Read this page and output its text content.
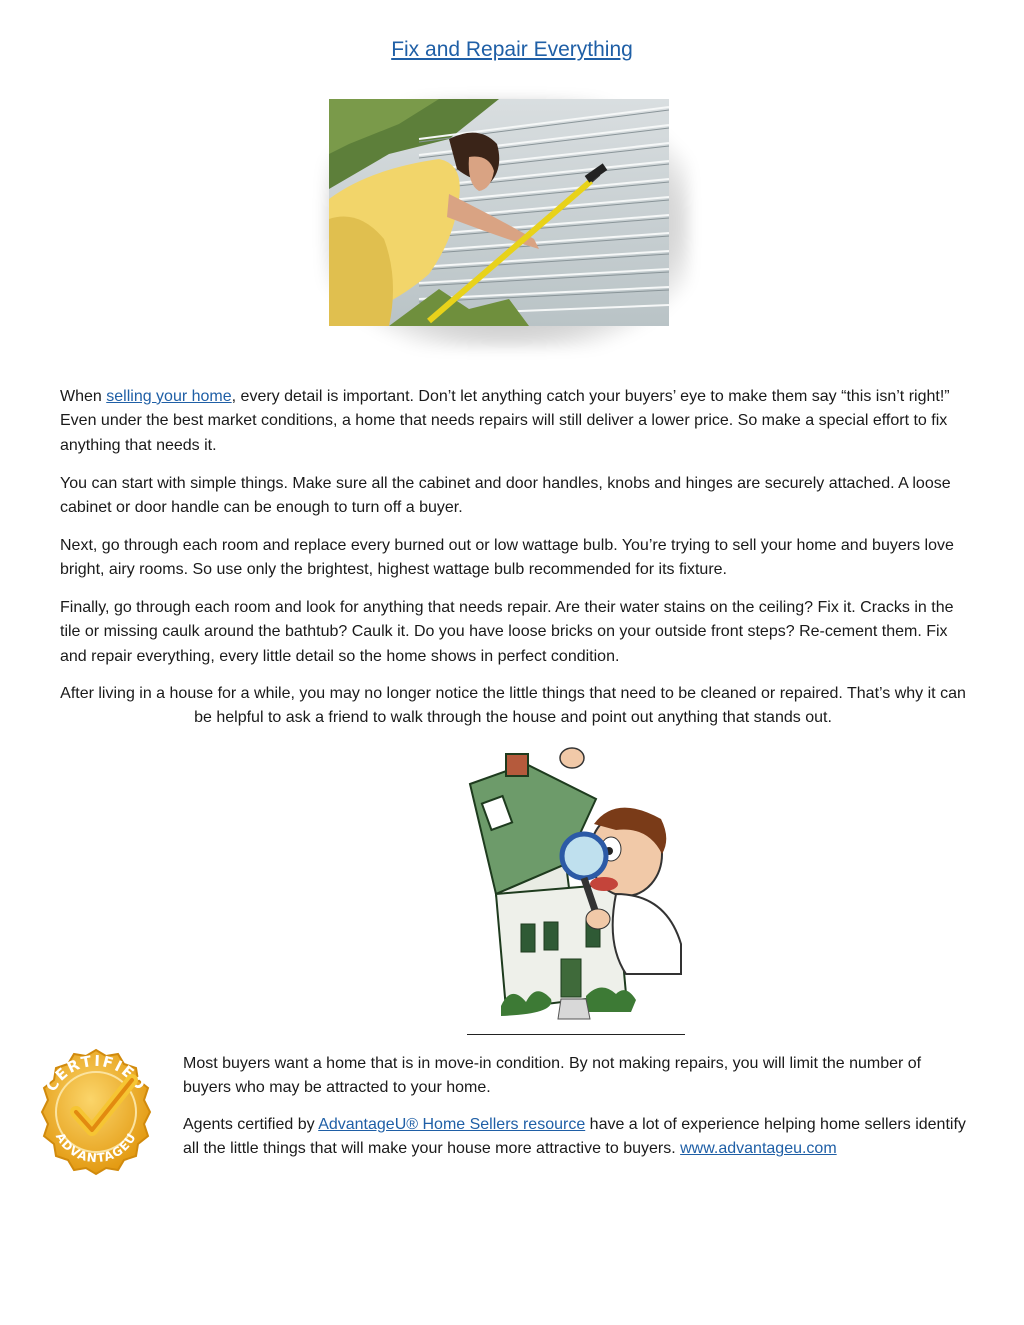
Fix and Repair Everything

When selling your home, every detail is important. Don’t let anything catch your buyers’ eye to make them say “this isn’t right!” Even under the best market conditions, a home that needs repairs will still deliver a lower price. So make a special effort to fix anything that needs it.

You can start with simple things. Make sure all the cabinet and door handles, knobs and hinges are securely attached. A loose cabinet or door handle can be enough to turn off a buyer.

Next, go through each room and replace every burned out or low wattage bulb. You’re trying to sell your home and buyers love bright, airy rooms. So use only the brightest, highest wattage bulb recommended for its fixture.

Finally, go through each room and look for anything that needs repair. Are their water stains on the ceiling? Fix it. Cracks in the tile or missing caulk around the bathtub? Caulk it. Do you have loose bricks on your outside front steps? Re-cement them. Fix and repair everything, every little detail so the home shows in perfect condition.

After living in a house for a while, you may no longer notice the little things that need to be cleaned or repaired. That’s why it can be helpful to ask a friend to walk through the house and point out anything that stands out.

CERTIFIED
ADVANTAGEU

Most buyers want a home that is in move-in condition. By not making repairs, you will limit the number of buyers who may be attracted to your home.

Agents certified by AdvantageU® Home Sellers resource have a lot of experience helping home sellers identify all the little things that will make your house more attractive to buyers. www.advantageu.com
